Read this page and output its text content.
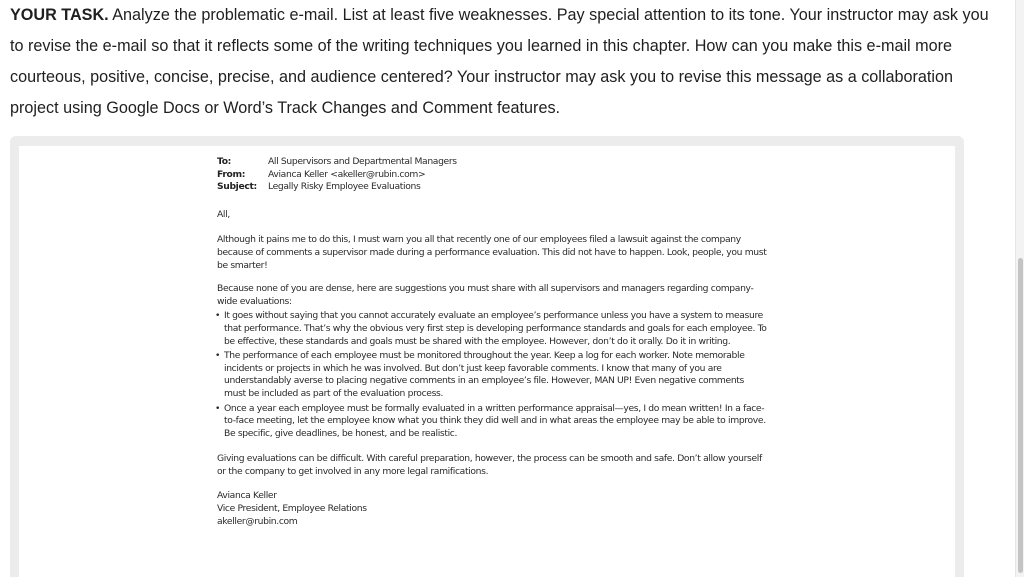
YOUR TASK. Analyze the problematic e-mail. List at least five weaknesses. Pay special attention to its tone. Your instructor may ask you to revise the e-mail so that it reflects some of the writing techniques you learned in this chapter. How can you make this e-mail more courteous, positive, concise, precise, and audience centered? Your instructor may ask you to revise this message as a collaboration project using Google Docs or Word’s Track Changes and Comment features.
To:	All Supervisors and Departmental Managers
From:	Avianca Keller <akeller@rubin.com>
Subject:	Legally Risky Employee Evaluations

All,

Although it pains me to do this, I must warn you all that recently one of our employees filed a lawsuit against the company because of comments a supervisor made during a performance evaluation. This did not have to happen. Look, people, you must be smarter!

Because none of you are dense, here are suggestions you must share with all supervisors and managers regarding company-wide evaluations:

• It goes without saying that you cannot accurately evaluate an employee’s performance unless you have a system to measure that performance. That’s why the obvious very first step is developing performance standards and goals for each employee. To be effective, these standards and goals must be shared with the employee. However, don’t do it orally. Do it in writing.
• The performance of each employee must be monitored throughout the year. Keep a log for each worker. Note memorable incidents or projects in which he was involved. But don’t just keep favorable comments. I know that many of you are understandably averse to placing negative comments in an employee’s file. However, MAN UP! Even negative comments must be included as part of the evaluation process.
• Once a year each employee must be formally evaluated in a written performance appraisal—yes, I do mean written! In a face-to-face meeting, let the employee know what you think they did well and in what areas the employee may be able to improve. Be specific, give deadlines, be honest, and be realistic.

Giving evaluations can be difficult. With careful preparation, however, the process can be smooth and safe. Don’t allow yourself or the company to get involved in any more legal ramifications.

Avianca Keller
Vice President, Employee Relations
akeller@rubin.com
